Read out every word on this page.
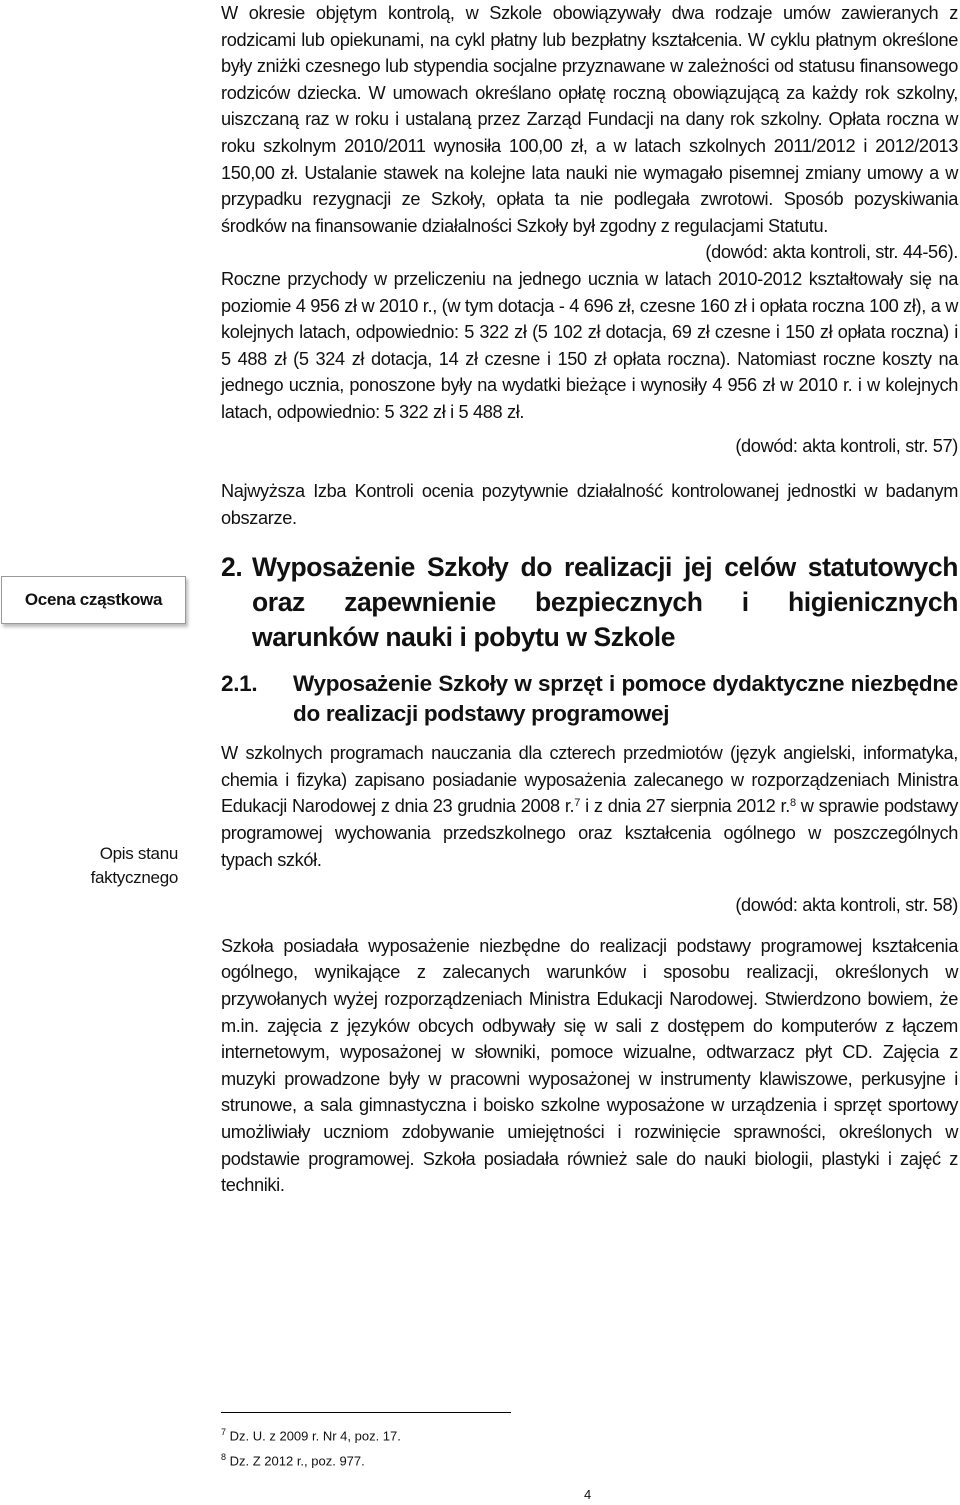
Ocena cząstkowa
Opis stanu faktycznego

W okresie objętym kontrolą, w Szkole obowiązywały dwa rodzaje umów zawieranych z rodzicami lub opiekunami, na cykl płatny lub bezpłatny kształcenia. W cyklu płatnym określone były zniżki czesnego lub stypendia socjalne przyznawane w zależności od statusu finansowego rodziców dziecka. W umowach określano opłatę roczną obowiązującą za każdy rok szkolny, uiszczaną raz w roku i ustalaną przez Zarząd Fundacji na dany rok szkolny. Opłata roczna w roku szkolnym 2010/2011 wynosiła 100,00 zł, a w latach szkolnych 2011/2012 i 2012/2013 150,00 zł. Ustalanie stawek na kolejne lata nauki nie wymagało pisemnej zmiany umowy a w przypadku rezygnacji ze Szkoły, opłata ta nie podlegała zwrotowi. Sposób pozyskiwania środków na finansowanie działalności Szkoły był zgodny z regulacjami Statutu.

(dowód: akta kontroli, str. 44-56).

Roczne przychody w przeliczeniu na jednego ucznia w latach 2010-2012 kształtowały się na poziomie 4 956 zł w 2010 r., (w tym dotacja - 4 696 zł, czesne 160 zł i opłata roczna 100 zł), a w kolejnych latach, odpowiednio: 5 322 zł (5 102 zł dotacja, 69 zł czesne i 150 zł opłata roczna) i 5 488 zł (5 324 zł dotacja, 14 zł czesne i 150 zł opłata roczna). Natomiast roczne koszty na jednego ucznia, ponoszone były na wydatki bieżące i wynosiły 4 956 zł w 2010 r. i w kolejnych latach, odpowiednio: 5 322 zł i 5 488 zł.

(dowód: akta kontroli, str. 57)

Najwyższa Izba Kontroli ocenia pozytywnie działalność kontrolowanej jednostki w badanym obszarze.

2. Wyposażenie Szkoły do realizacji jej celów statutowych oraz zapewnienie bezpiecznych i higienicznych warunków nauki i pobytu w Szkole
2.1. Wyposażenie Szkoły w sprzęt i pomoce dydaktyczne niezbędne do realizacji podstawy programowej

W szkolnych programach nauczania dla czterech przedmiotów (język angielski, informatyka, chemia i fizyka) zapisano posiadanie wyposażenia zalecanego w rozporządzeniach Ministra Edukacji Narodowej z dnia 23 grudnia 2008 r.$^7$ i z dnia 27 sierpnia 2012 r.$^8$ w sprawie podstawy programowej wychowania przedszkolnego oraz kształcenia ogólnego w poszczególnych typach szkół.

(dowód: akta kontroli, str. 58)

Szkoła posiadała wyposażenie niezbędne do realizacji podstawy programowej kształcenia ogólnego, wynikające z zalecanych warunków i sposobu realizacji, określonych w przywołanych wyżej rozporządzeniach Ministra Edukacji Narodowej. Stwierdzono bowiem, że m.in. zajęcia z języków obcych odbywały się w sali z dostępem do komputerów z łączem internetowym, wyposażonej w słowniki, pomoce wizualne, odtwarzacz płyt CD. Zajęcia z muzyki prowadzone były w pracowni wyposażonej w instrumenty klawiszowe, perkusyjne i strunowe, a sala gimnastyczna i boisko szkolne wyposażone w urządzenia i sprzęt sportowy umożliwiały uczniom zdobywanie umiejętności i rozwinięcie sprawności, określonych w podstawie programowej. Szkoła posiadała również sale do nauki biologii, plastyki i zajęć z techniki.

$^7$ Dz. U. z 2009 r. Nr 4, poz. 17.
$^8$ Dz. Z 2012 r., poz. 977.
4
